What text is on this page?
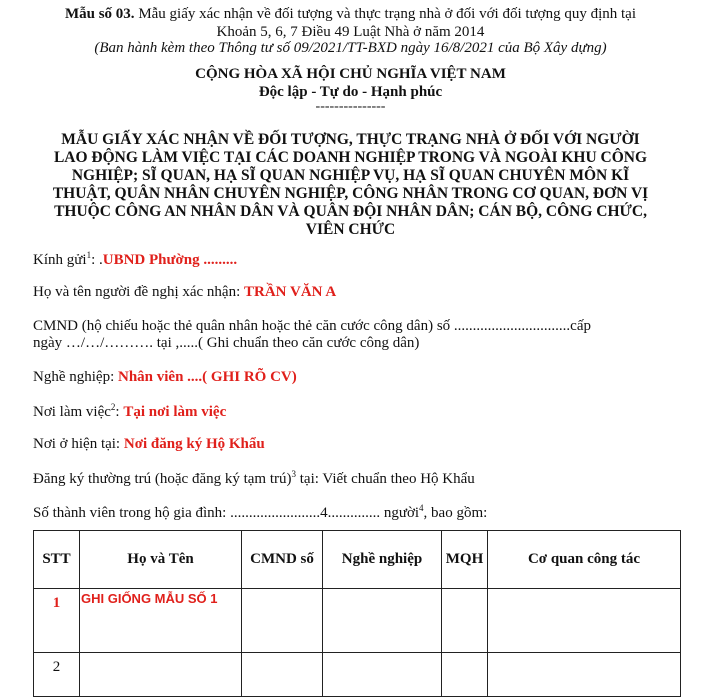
Mẫu số 03. Mẫu giấy xác nhận về đối tượng và thực trạng nhà ở đối với đối tượng quy định tại
Khoản 5, 6, 7 Điều 49 Luật Nhà ở năm 2014
(Ban hành kèm theo Thông tư số 09/2021/TT-BXD ngày 16/8/2021 của Bộ Xây dựng)
CỘNG HÒA XÃ HỘI CHỦ NGHĨA VIỆT NAM
Độc lập - Tự do - Hạnh phúc
---------------
MẪU GIẤY XÁC NHẬN VỀ ĐỐI TƯỢNG, THỰC TRẠNG NHÀ Ở ĐỐI VỚI NGƯỜI
LAO ĐỘNG LÀM VIỆC TẠI CÁC DOANH NGHIỆP TRONG VÀ NGOÀI KHU CÔNG
NGHIỆP; SĨ QUAN, HẠ SĨ QUAN NGHIỆP VỤ, HẠ SĨ QUAN CHUYÊN MÔN KĨ
THUẬT, QUÂN NHÂN CHUYÊN NGHIỆP, CÔNG NHÂN TRONG CƠ QUAN, ĐƠN VỊ
THUỘC CÔNG AN NHÂN DÂN VÀ QUÂN ĐỘI NHÂN DÂN; CÁN BỘ, CÔNG CHỨC,
VIÊN CHỨC
Kính gửi$^1$: .UBND Phường .........
Họ và tên người đề nghị xác nhận: TRẦN VĂN A
CMND (hộ chiếu hoặc thẻ quân nhân hoặc thẻ căn cước công dân) số ...............................cấp
ngày …/…/………. tại ,.....( Ghi chuẩn theo căn cước công dân)
Nghề nghiệp: Nhân viên ....( GHI RÕ CV)
Nơi làm việc$^2$: Tại nơi làm việc
Nơi ở hiện tại: Nơi đăng ký Hộ Khẩu
Đăng ký thường trú (hoặc đăng ký tạm trú)$^3$ tại: Viết chuẩn theo Hộ Khẩu
Số thành viên trong hộ gia đình: ........................4.............. người$^4$, bao gồm:
STT	Họ và Tên	CMND số	Nghề nghiệp	MQH	Cơ quan công tác
1	GHI GIỐNG MẪU SỐ 1				
2					
